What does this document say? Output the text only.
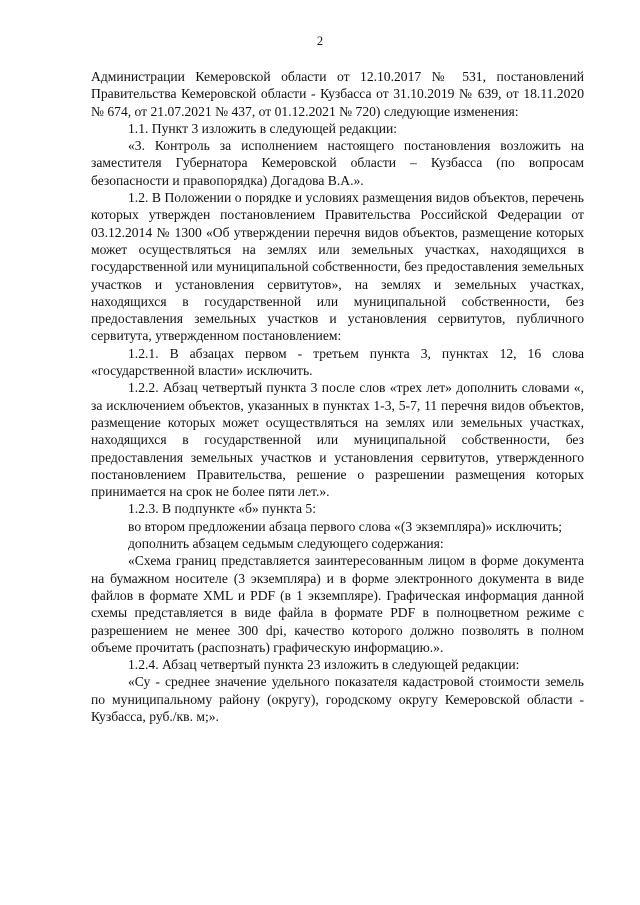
2

Администрации Кемеровской области от 12.10.2017 № 531, постановлений Правительства Кемеровской области - Кузбасса от 31.10.2019 № 639, от 18.11.2020 № 674, от 21.07.2021 № 437, от 01.12.2021 № 720) следующие изменения:

1.1. Пункт 3 изложить в следующей редакции:

«3. Контроль за исполнением настоящего постановления возложить на заместителя Губернатора Кемеровской области – Кузбасса (по вопросам безопасности и правопорядка) Догадова В.А.».

1.2. В Положении о порядке и условиях размещения видов объектов, перечень которых утвержден постановлением Правительства Российской Федерации от 03.12.2014 № 1300 «Об утверждении перечня видов объектов, размещение которых может осуществляться на землях или земельных участках, находящихся в государственной или муниципальной собственности, без предоставления земельных участков и установления сервитутов», на землях и земельных участках, находящихся в государственной или муниципальной собственности, без предоставления земельных участков и установления сервитутов, публичного сервитута, утвержденном постановлением:

1.2.1. В абзацах первом - третьем пункта 3, пунктах 12, 16 слова «государственной власти» исключить.

1.2.2. Абзац четвертый пункта 3 после слов «трех лет» дополнить словами «, за исключением объектов, указанных в пунктах 1-3, 5-7, 11 перечня видов объектов, размещение которых может осуществляться на землях или земельных участках, находящихся в государственной или муниципальной собственности, без предоставления земельных участков и установления сервитутов, утвержденного постановлением Правительства, решение о разрешении размещения которых принимается на срок не более пяти лет.».

1.2.3. В подпункте «б» пункта 5:

во втором предложении абзаца первого слова «(3 экземпляра)» исключить;

дополнить абзацем седьмым следующего содержания:

«Схема границ представляется заинтересованным лицом в форме документа на бумажном носителе (3 экземпляра) и в форме электронного документа в виде файлов в формате XML и PDF (в 1 экземпляре). Графическая информация данной схемы представляется в виде файла в формате PDF в полноцветном режиме с разрешением не менее 300 dpi, качество которого должно позволять в полном объеме прочитать (распознать) графическую информацию.».

1.2.4. Абзац четвертый пункта 23 изложить в следующей редакции:

«Су - среднее значение удельного показателя кадастровой стоимости земель по муниципальному району (округу), городскому округу Кемеровской области - Кузбасса, руб./кв. м;».
